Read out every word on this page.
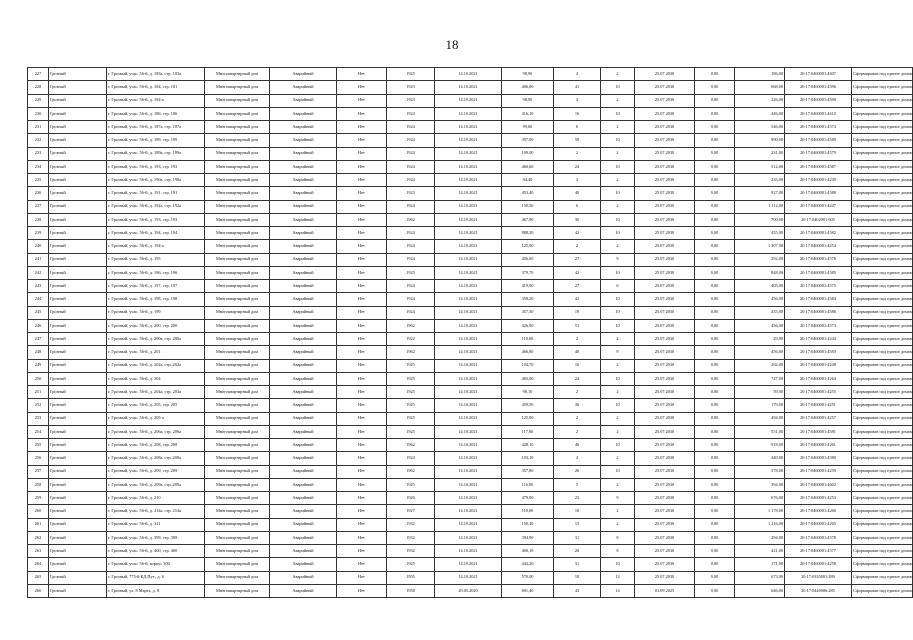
18
227	Грозный	г. Грозный, учас. 56-й, д. 183а, стр. 183а	Многоквартирный дом	Аварийный	Нет	1925	14.10.2021	98,90	4	2	25.07.2030	0,00	186,00	20:17:0460001:4607	Сформирован под единое домом
228	Грозный	г. Грозный, учас. 56-й, д. 184, стр. 181	Многоквартирный дом	Аварийный	Нет	1923	14.10.2021	406,00	41	10	25.07.2030	0,00	668,00	20:17:0460001:4596	Сформирован под единое домом
229	Грозный	г. Грозный, учас. 56-й, д. 184-а	Многоквартирный дом	Аварийный	Нет	1923	14.10.2021	98,90	4	2	25.07.2030	0,00	226,00	20:17:0460001:4590	Сформирован под единое домом
230	Грозный	г. Грозный, учас. 56-й, д. 186, стр. 186	Многоквартирный дом	Аварийный	Нет	1924	14.10.2021	416,10	16	10	25.07.2030	0,00	446,00	20:17:0460001:4610	Сформирован под единое домом
231	Грозный	г. Грозный, учас. 56-й, д. 187а, стр. 187а	Многоквартирный дом	Аварийный	Нет	1924	14.10.2021	99,00	6	2	25.07.2030	0,00	546,00	20:17:0460001:4574	Сформирован под единое домом
232	Грозный	г. Грозный, учас. 56-й, д. 189, стр. 189	Многоквартирный дом	Аварийный	Нет	1924	14.10.2021	397,00	50	10	25.07.2030	0,00	990,00	20:17:0460001:4589	Сформирован под единое домом
233	Грозный	г. Грозный, учас. 56-й, д. 189а, стр. 189а	Многоквартирный дом	Аварийный	Нет	1924	14.10.2021	109,00	2	2	25.07.2030	0,00	231,00	20:17:0460001:4579	Сформирован под единое домом
234	Грозный	г. Грозный, учас. 56-й, д. 193, стр. 193	Многоквартирный дом	Аварийный	Нет	1924	14.10.2021	460,60	24	10	25.07.2030	0,00	512,00	20:17:0460001:4587	Сформирован под единое домом
235	Грозный	г. Грозный, учас. 56-й, д. 190а, стр. 190а	Многоквартирный дом	Аварийный	Нет	1924	14.10.2021	94,40	3	2	25.07.2030	0,00	235,00	20:17:0460001:4249	Сформирован под единое домом
236	Грозный	г. Грозный, учас. 56-й, д. 191, стр. 191	Многоквартирный дом	Аварийный	Нет	1923	14.10.2021	453,40	40	10	25.07.2030	0,00	927,00	20:17:0460001:4588	Сформирован под единое домом
237	Грозный	г. Грозный, учас. 56-й, д. 192а, стр. 192а	Многоквартирный дом	Аварийный	Нет	1924	14.10.2021	150,56	6	2	25.07.2030	0,00	1 112,00	20:17:0460001:4247	Сформирован под единое домом
238	Грозный	г. Грозный, учас. 56-й, д. 193, стр. 193	Многоквартирный дом	Аварийный	Нет	1962	14.10.2021	467,90	36	10	25.07.2030	0,00	700,00	20:17:0402001:605	Сформирован под единое домом
239	Грозный	г. Грозный, учас. 56-й, д. 194, стр. 194	Многоквартирный дом	Аварийный	Нет	1924	14.10.2021	888,20	42	10	25.07.2030	0,00	455,00	20:17:0460001:4582	Сформирован под единое домом
240	Грозный	г. Грозный, учас. 56-й, д. 194-а	Многоквартирный дом	Аварийный	Нет	1924	14.10.2021	125,00	2	2	25.07.2030	0,00	1 307,00	20:17:0460001:4254	Сформирован под единое домом
241	Грозный	г. Грозный, учас. 56-й, д. 195	Многоквартирный дом	Аварийный	Нет	1924	14.10.2021	456,60	27	9	25.07.2030	0,00	292,00	20:17:0460001:4576	Сформирован под единое домом
242	Грозный	г. Грозный, учас. 56-й, д. 196, стр. 196	Многоквартирный дом	Аварийный	Нет	1925	14.10.2021	379,70	42	10	25.07.2030	0,00	848,00	20:17:0460001:4585	Сформирован под единое домом
243	Грозный	г. Грозный, учас. 56-й, д. 197, стр. 197	Многоквартирный дом	Аварийный	Нет	1924	14.10.2021	419,00	27	6	25.07.2030	0,00	405,00	20:17:0460001:4575	Сформирован под единое домом
244	Грозный	г. Грозный, учас. 56-й, д. 198, стр. 198	Многоквартирный дом	Аварийный	Нет	1924	14.10.2021	358,20	42	10	25.07.2030	0,00	456,00	20:17:0460001:4584	Сформирован под единое домом
245	Грозный	г. Грозный, учас. 56-й, д. 199	Многоквартирный дом	Аварийный	Нет	1924	14.10.2021	457,30	19	10	25.07.2030	0,00	435,00	20:17:0460001:4586	Сформирован под единое домом
246	Грозный	г. Грозный, учас. 56-й, д. 200, стр. 200	Многоквартирный дом	Аварийный	Нет	1962	14.10.2021	426,90	51	10	25.07.2030	0,00	456,00	20:17:0460001:4573	Сформирован под единое домом
247	Грозный	г. Грозный, учас. 56-й, д. 200а, стр. 200а	Многоквартирный дом	Аварийный	Нет	1922	14.10.2021	110,00	2	2	25.07.2030	0,00	29,90	20:17:0460001:4244	Сформирован под единое домом
248	Грозный	г. Грозный, учас. 56-й, д. 201	Многоквартирный дом	Аварийный	Нет	1962	14.10.2021	466,80	40	9	25.07.2030	0,00	456,00	20:17:0460001:4583	Сформирован под единое домом
249	Грозный	г. Грозный, учас. 56-й, д. 202а, стр. 202а	Многоквартирный дом	Аварийный	Нет	1925	14.10.2021	104,70	10	2	25.07.2030	0,00	262,00	20:17:0460001:4248	Сформирован под единое домом
250	Грозный	г. Грозный, учас. 56-й, д. 204	Многоквартирный дом	Аварийный	Нет	1925	14.10.2021	465,00	24	10	25.07.2030	0,00	747,00	20:17:0460001:4264	Сформирован под единое домом
251	Грозный	г. Грозный, учас. 56-й, д. 204а, стр. 204а	Многоквартирный дом	Аварийный	Нет	1925	14.10.2021	98,10	2	2	25.07.2030	0,00	59,00	20:17:0460001:4255	Сформирован под единое домом
252	Грозный	г. Грозный, учас. 56-й, д. 205, стр. 205	Многоквартирный дом	Аварийный	Нет	1925	14.10.2021	459,50	36	10	25.07.2030	0,00	179,00	20:17:0460001:4251	Сформирован под единое домом
253	Грозный	г. Грозный, учас. 56-й, д. 205-а	Многоквартирный дом	Аварийный	Нет	1925	14.10.2021	125,00	2	2	25.07.2030	0,00	494,00	20:17:0460001:4257	Сформирован под единое домом
254	Грозный	г. Грозный, учас. 56-й, д. 206а, стр. 206а	Многоквартирный дом	Аварийный	Нет	1925	14.10.2021	117,80	2	2	25.07.2030	0,00	551,00	20:17:0460001:4581	Сформирован под единое домом
255	Грозный	г. Грозный, учас. 56-й, д. 208, стр. 208	Многоквартирный дом	Аварийный	Нет	1962	14.10.2021	428,10	46	10	25.07.2030	0,00	918,00	20:17:0460001:4261	Сформирован под единое домом
256	Грозный	г. Грозный, учас. 56-й, д. 208а, стр. 208а	Многоквартирный дом	Аварийный	Нет	1924	14.10.2021	103,10	4	2	25.07.2030	0,00	440,00	20:17:0460001:4580	Сформирован под единое домом
257	Грозный	г. Грозный, учас. 56-й, д. 209, стр. 209	Многоквартирный дом	Аварийный	Нет	1962	14.10.2021	357,80	26	10	25.07.2030	0,00	578,00	20:17:0460001:4259	Сформирован под единое домом
258	Грозный	г. Грозный, учас. 56-й, д. 209а, стр. 209а	Многоквартирный дом	Аварийный	Нет	1925	14.10.2021	116,00	5	2	25.07.2030	0,00	394,00	20:17:0460001:4602	Сформирован под единое домом
259	Грозный	г. Грозный, учас. 56-й, д. 210	Многоквартирный дом	Аварийный	Нет	1926	14.10.2021	479,00	23	9	25.07.2030	0,00	676,00	20:17:0460001:4253	Сформирован под единое домом
260	Грозный	г. Грозный, учас. 56-й, д. 214а, стр. 214а	Многоквартирный дом	Аварийный	Нет	1927	14.10.2021	110,00	10	2	25.07.2030	0,00	1 178,00	20:17:0460001:4260	Сформирован под единое домом
261	Грозный	г. Грозный, учас. 56-й, д. 321	Многоквартирный дом	Аварийный	Нет	1932	14.10.2021	150,40	13	2	25.07.2030	0,00	1 216,00	20:17:0460001:4265	Сформирован под единое домом
262	Грозный	г. Грозный, учас. 56-й, д. 399, стр. 399	Многоквартирный дом	Аварийный	Нет	1932	14.10.2021	394,90	31	8	25.07.2030	0,00	294,00	20:17:0460001:4578	Сформирован под единое домом
263	Грозный	г. Грозный, учас. 56-й, д. 400, стр. 400	Многоквартирный дом	Аварийный	Нет	1932	14.10.2021	400,10	20	8	25.07.2030	0,00	421,00	20:17:0460001:4577	Сформирован под единое домом
264	Грозный	г. Грозный, учас. 56-й, корпус 300	Многоквартирный дом	Аварийный	Нет	1925	14.10.2021	443,20	31	10	25.07.2030	0,00	171,00	20:17:0460001:4258	Сформирован под единое домом
265	Грозный	г. Грозный, 775-й КД Пут., д. 6	Многоквартирный дом	Аварийный	Нет	1955	14.10.2021	570,00	18	13	25.07.2030	0,00	673,00	20:17:0335001:289	Сформирован под единое домом
266	Грозный	г. Грозный, ул. 8 Марта, д. 8	Многоквартирный дом	Аварийный	Нет	1958	20.05.2020	801,40	43	14	01.09.2025	0,00	646,00	20:17:0440006:285	Сформирован под единое домом
